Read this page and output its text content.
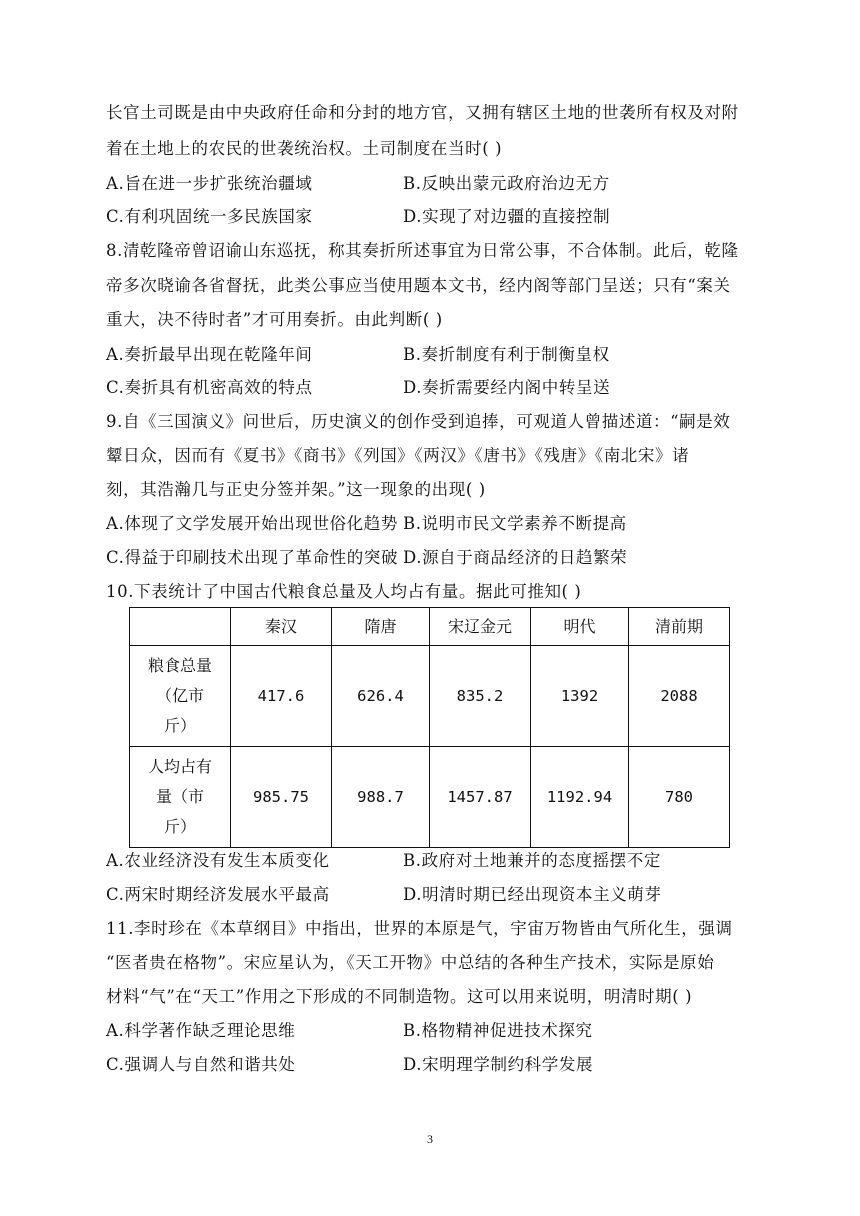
长官土司既是由中央政府任命和分封的地方官，又拥有辖区土地的世袭所有权及对附
着在土地上的农民的世袭统治权。土司制度在当时( )
A.旨在进一步扩张统治疆域	B.反映出蒙元政府治边无方
C.有利巩固统一多民族国家	D.实现了对边疆的直接控制
8.清乾隆帝曾诏谕山东巡抚，称其奏折所述事宜为日常公事，不合体制。此后，乾隆
帝多次晓谕各省督抚，此类公事应当使用题本文书，经内阁等部门呈送；只有“案关
重大，决不待时者”才可用奏折。由此判断( )
A.奏折最早出现在乾隆年间	B.奏折制度有利于制衡皇权
C.奏折具有机密高效的特点	D.奏折需要经内阁中转呈送
9.自《三国演义》问世后，历史演义的创作受到追捧，可观道人曾描述道：“嗣是效
颦日众，因而有《夏书》《商书》《列国》《两汉》《唐书》《残唐》《南北宋》诸
刻，其浩瀚几与正史分签并架。”这一现象的出现( )
A.体现了文学发展开始出现世俗化趋势 B.说明市民文学素养不断提高
C.得益于印刷技术出现了革命性的突破 D.源自于商品经济的日趋繁荣
10.下表统计了中国古代粮食总量及人均占有量。据此可推知( )
	秦汉	隋唐	宋辽金元	明代	清前期

粮食总量
（亿市
斤）	417.6	626.4	835.2	1392	2088

人均占有
量（市
斤）	985.75	988.7	1457.87	1192.94	780
A.农业经济没有发生本质变化	B.政府对土地兼并的态度摇摆不定
C.两宋时期经济发展水平最高	D.明清时期已经出现资本主义萌芽
11.李时珍在《本草纲目》中指出，世界的本原是气，宇宙万物皆由气所化生，强调
“医者贵在格物”。宋应星认为，《天工开物》中总结的各种生产技术，实际是原始
材料“气”在“天工”作用之下形成的不同制造物。这可以用来说明，明清时期( )
A.科学著作缺乏理论思维	B.格物精神促进技术探究
C.强调人与自然和谐共处	D.宋明理学制约科学发展
3
